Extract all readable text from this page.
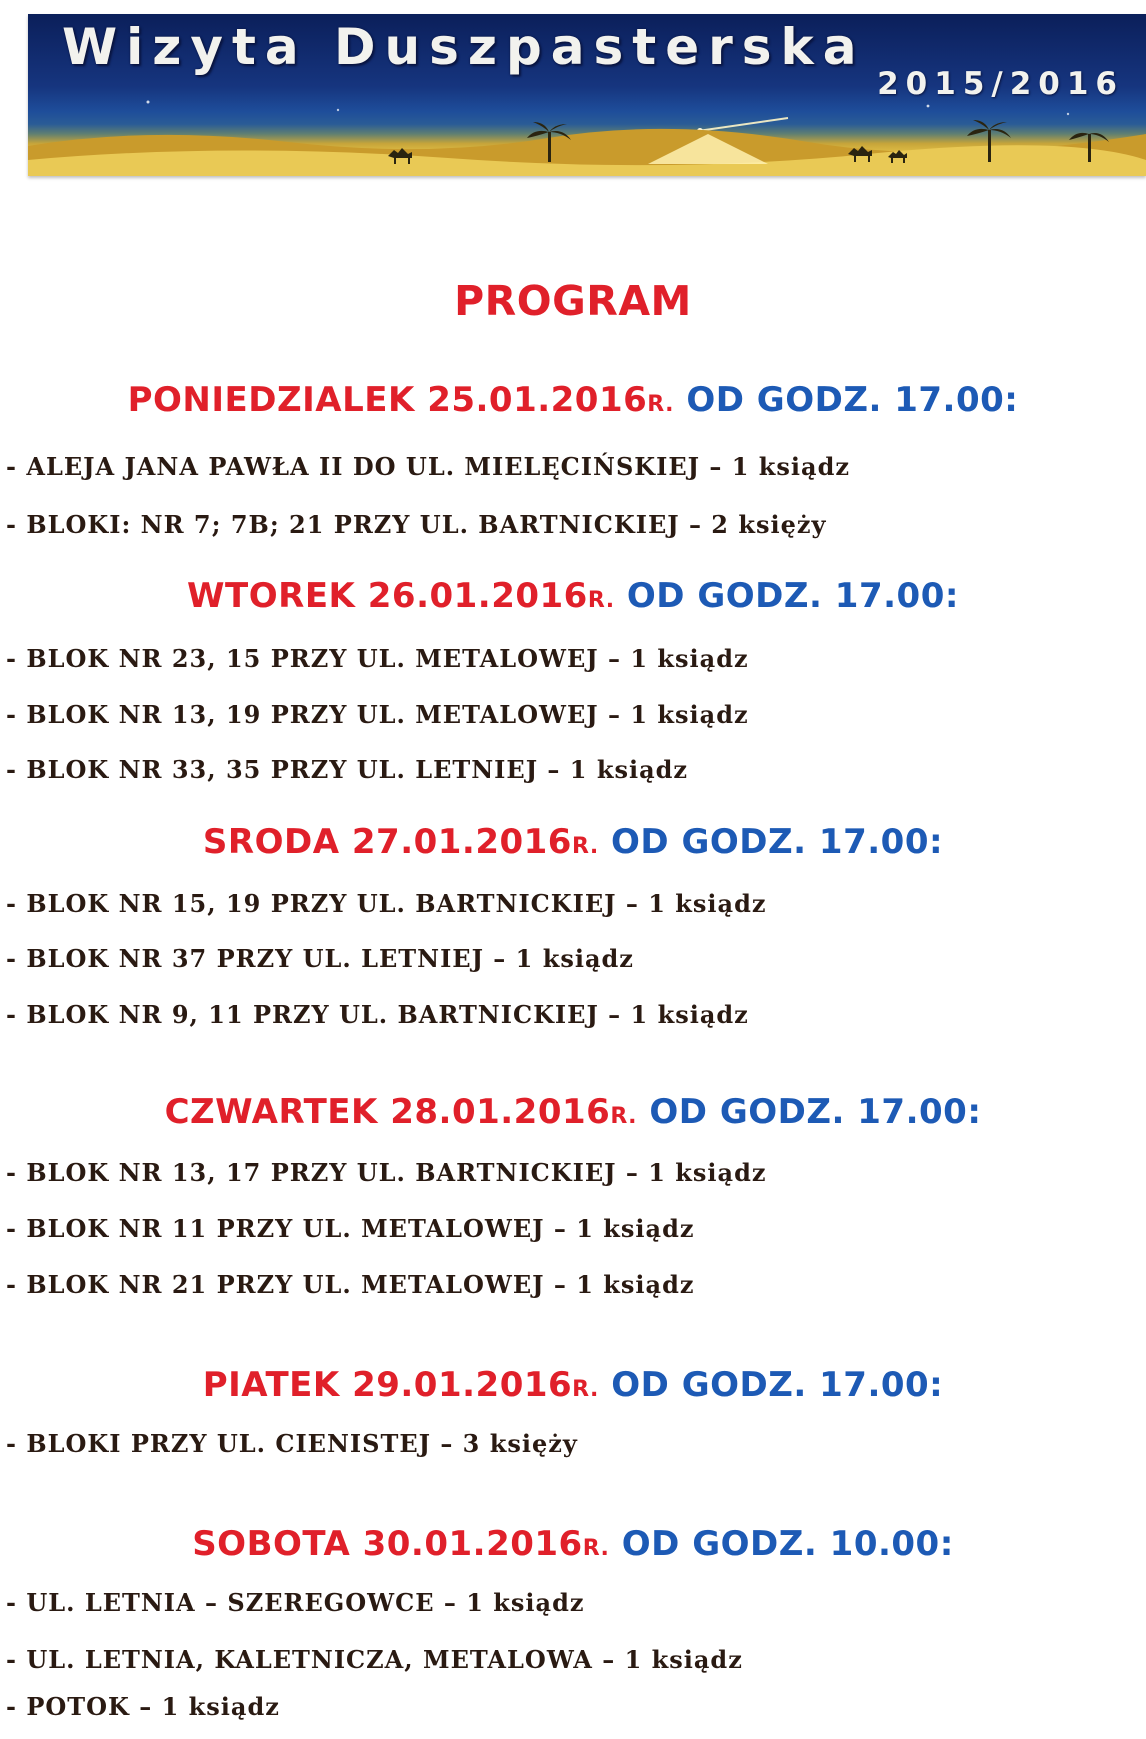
Wizyta Duszpasterska
2015/2016
PROGRAM
PONIEDZIALEK 25.01.2016R. OD GODZ. 17.00:
- ALEJA JANA PAWŁA II DO UL. MIELĘCIŃSKIEJ – 1 ksiądz
- BLOKI: NR 7; 7B; 21 PRZY UL. BARTNICKIEJ – 2 księży
WTOREK 26.01.2016R. OD GODZ. 17.00:
- BLOK NR 23, 15 PRZY UL. METALOWEJ – 1 ksiądz
- BLOK NR 13, 19 PRZY UL. METALOWEJ – 1 ksiądz
- BLOK NR 33, 35 PRZY UL. LETNIEJ – 1 ksiądz
SRODA 27.01.2016R. OD GODZ. 17.00:
- BLOK NR 15, 19 PRZY UL. BARTNICKIEJ – 1 ksiądz
- BLOK NR 37 PRZY UL. LETNIEJ – 1 ksiądz
- BLOK NR 9, 11 PRZY UL. BARTNICKIEJ – 1 ksiądz
CZWARTEK 28.01.2016R. OD GODZ. 17.00:
- BLOK NR 13, 17 PRZY UL. BARTNICKIEJ – 1 ksiądz
- BLOK NR 11 PRZY UL. METALOWEJ – 1 ksiądz
- BLOK NR 21 PRZY UL. METALOWEJ – 1 ksiądz
PIATEK 29.01.2016R. OD GODZ. 17.00:
- BLOKI PRZY UL. CIENISTEJ – 3 księży
SOBOTA 30.01.2016R. OD GODZ. 10.00:
- UL. LETNIA – SZEREGOWCE – 1 ksiądz
- UL. LETNIA, KALETNICZA, METALOWA – 1 ksiądz
- POTOK – 1 ksiądz
